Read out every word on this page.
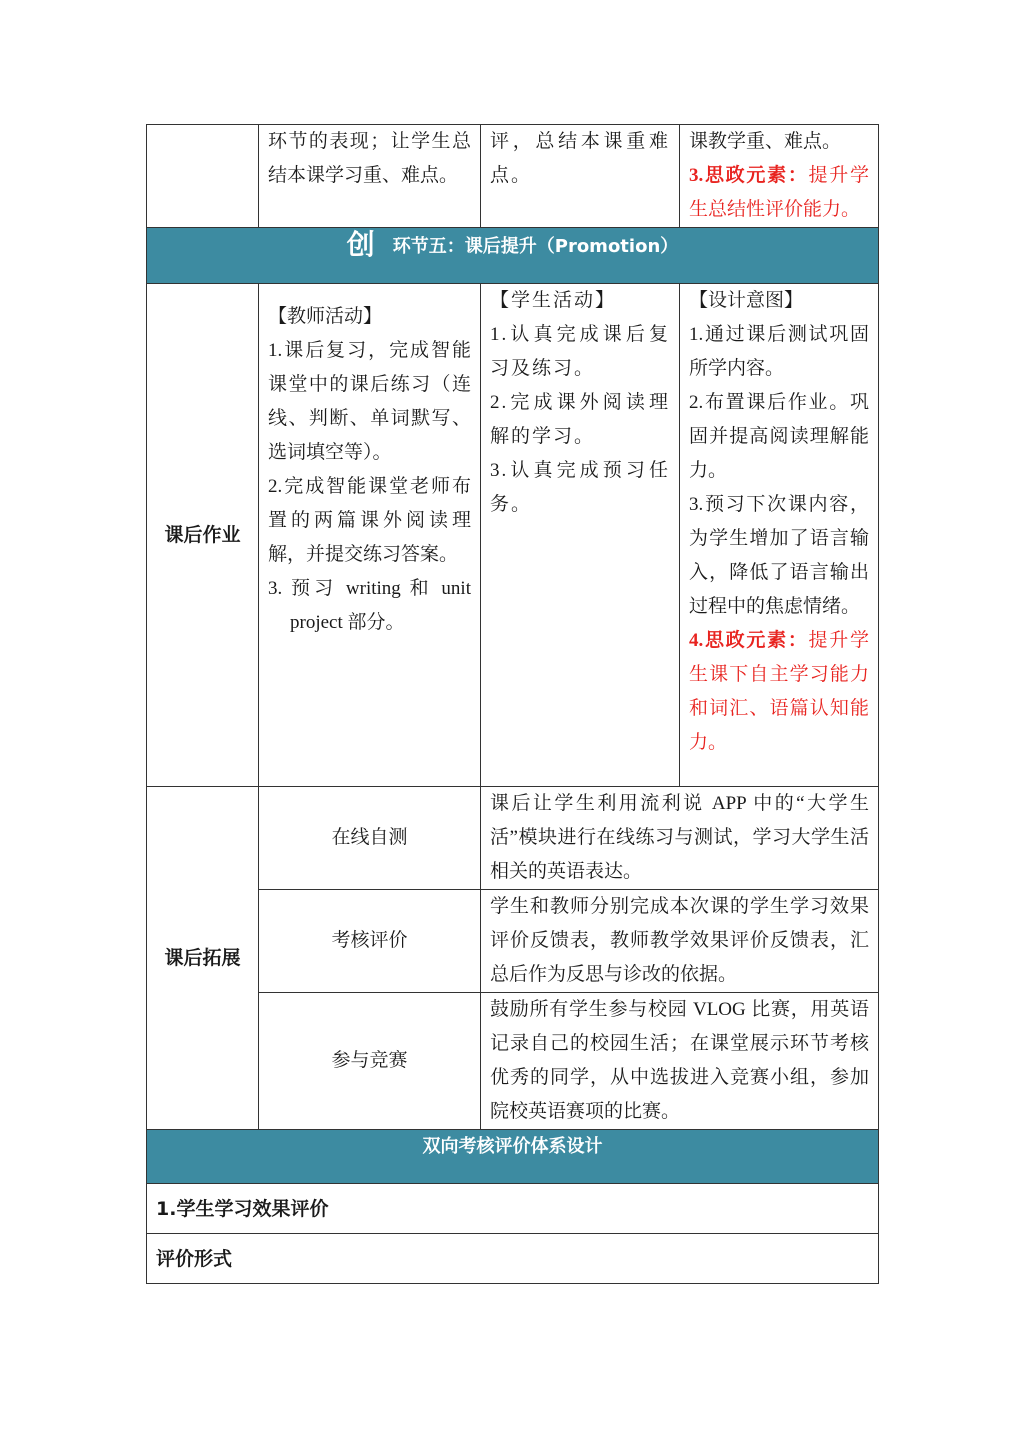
	环节的表现；让学生总结本课学习重、难点。	评，总结本课重难点。	课教学重、难点。
3.思政元素：提升学生总结性评价能力。

创 环节五：课后提升（Promotion）			
课后作业	【教师活动】
1.课后复习，完成智能课堂中的课后练习（连线、判断、单词默写、选词填空等）。
2.完成智能课堂老师布置的两篇课外阅读理解，并提交练习答案。
3. 预习 writing 和 unit project 部分。	【学生活动】
1.认真完成课后复习及练习。
2.完成课外阅读理解的学习。
3.认真完成预习任务。	【设计意图】
1.通过课后测试巩固所学内容。
2.布置课后作业。巩固并提高阅读理解能力。
3.预习下次课内容，为学生增加了语言输入，降低了语言输出过程中的焦虑情绪。
4.思政元素：提升学生课下自主学习能力和词汇、语篇认知能力。

课后拓展	在线自测	课后让学生利用流利说 APP 中的“大学生活”模块进行在线练习与测试，学习大学生活相关的英语表达。	

	考核评价	学生和教师分别完成本次课的学生学习效果评价反馈表，教师教学效果评价反馈表，汇总后作为反思与诊改的依据。	

	参与竞赛	鼓励所有学生参与校园 VLOG 比赛，用英语记录自己的校园生活；在课堂展示环节考核优秀的同学，从中选拔进入竞赛小组，参加院校英语赛项的比赛。	

双向考核评价体系设计			

1.学生学习效果评价			

评价形式			
